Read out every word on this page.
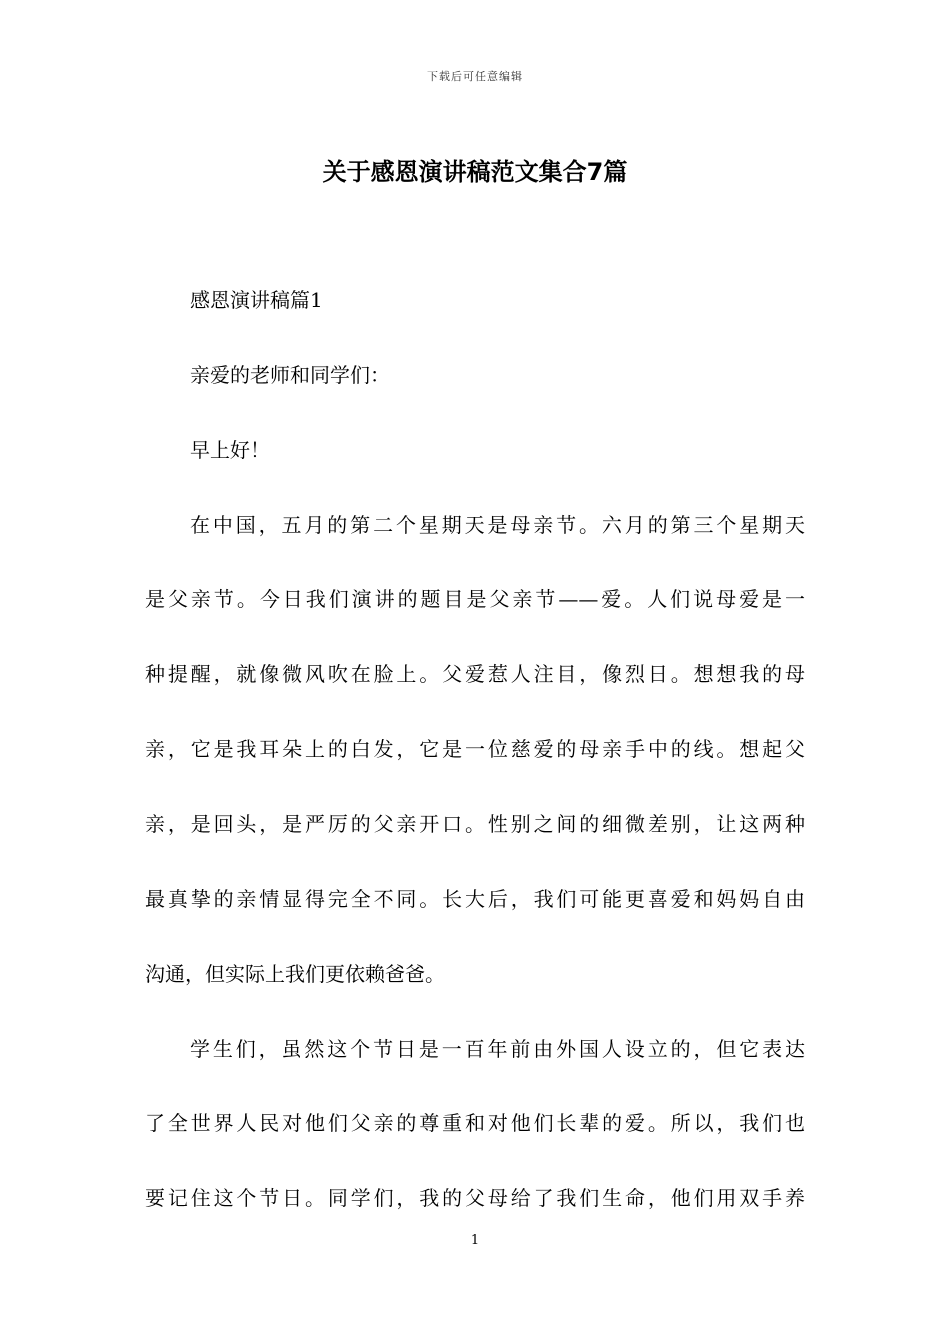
下载后可任意编辑
关于感恩演讲稿范文集合7篇
感恩演讲稿篇1
亲爱的老师和同学们：
早上好！
在中国，五月的第二个星期天是母亲节。六月的第三个星期天
是父亲节。今日我们演讲的题目是父亲节——爱。人们说母爱是一
种提醒，就像微风吹在脸上。父爱惹人注目，像烈日。想想我的母
亲，它是我耳朵上的白发，它是一位慈爱的母亲手中的线。想起父
亲，是回头，是严厉的父亲开口。性别之间的细微差别，让这两种
最真挚的亲情显得完全不同。长大后，我们可能更喜爱和妈妈自由
沟通，但实际上我们更依赖爸爸。
学生们，虽然这个节日是一百年前由外国人设立的，但它表达
了全世界人民对他们父亲的尊重和对他们长辈的爱。所以，我们也
要记住这个节日。同学们，我的父母给了我们生命，他们用双手养
1
